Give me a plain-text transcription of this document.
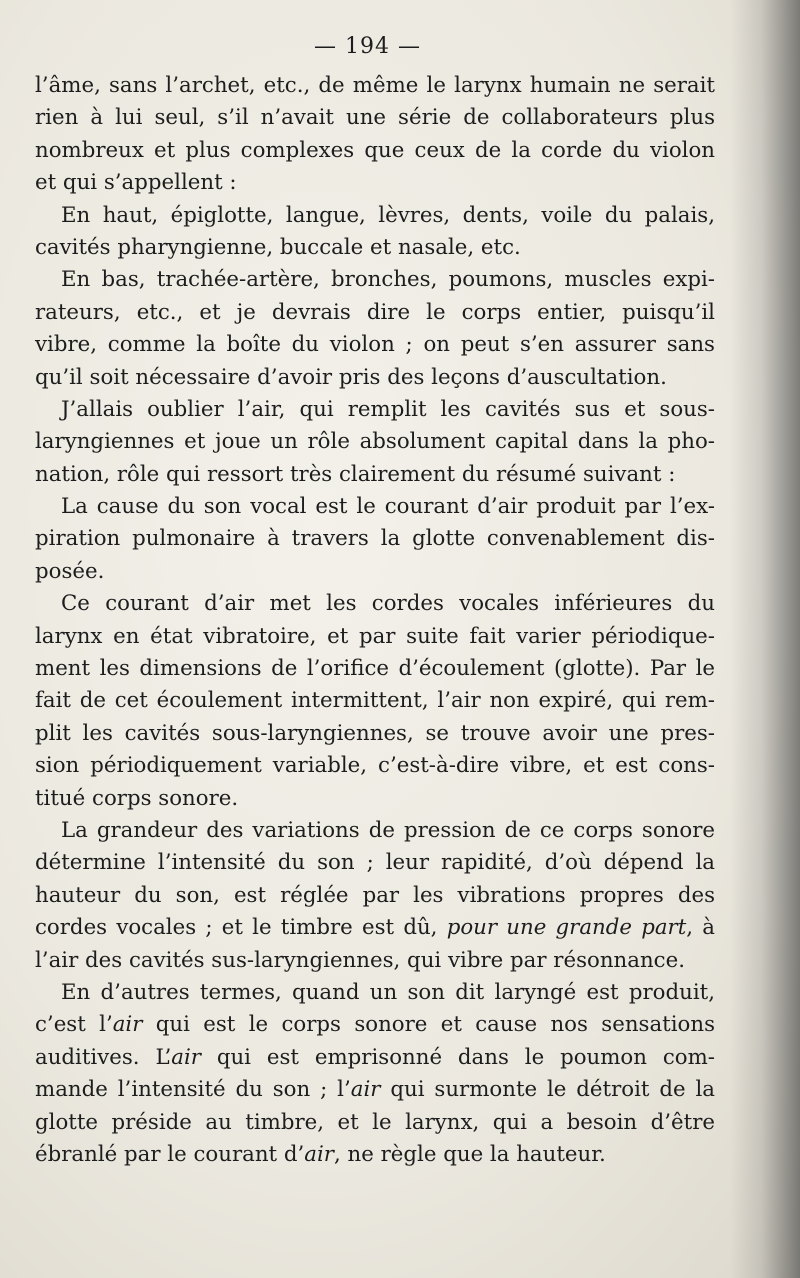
— 194 —
l’âme, sans l’archet, etc., de même le larynx humain ne serait
rien à lui seul, s’il n’avait une série de collaborateurs plus
nombreux et plus complexes que ceux de la corde du violon
et qui s’appellent :
En haut, épiglotte, langue, lèvres, dents, voile du palais,
cavités pharyngienne, buccale et nasale, etc.
En bas, trachée-artère, bronches, poumons, muscles expi-
rateurs, etc., et je devrais dire le corps entier, puisqu’il
vibre, comme la boîte du violon ; on peut s’en assurer sans
qu’il soit nécessaire d’avoir pris des leçons d’auscultation.
J’allais oublier l’air, qui remplit les cavités sus et sous-
laryngiennes et joue un rôle absolument capital dans la pho-
nation, rôle qui ressort très clairement du résumé suivant :
La cause du son vocal est le courant d’air produit par l’ex-
piration pulmonaire à travers la glotte convenablement dis-
posée.
Ce courant d’air met les cordes vocales inférieures du
larynx en état vibratoire, et par suite fait varier périodique-
ment les dimensions de l’orifice d’écoulement (glotte). Par le
fait de cet écoulement intermittent, l’air non expiré, qui rem-
plit les cavités sous-laryngiennes, se trouve avoir une pres-
sion périodiquement variable, c’est-à-dire vibre, et est cons-
titué corps sonore.
La grandeur des variations de pression de ce corps sonore
détermine l’intensité du son ; leur rapidité, d’où dépend la
hauteur du son, est réglée par les vibrations propres des
cordes vocales ; et le timbre est dû, pour une grande part, à
l’air des cavités sus-laryngiennes, qui vibre par résonnance.
En d’autres termes, quand un son dit laryngé est produit,
c’est l’air qui est le corps sonore et cause nos sensations
auditives. L’air qui est emprisonné dans le poumon com-
mande l’intensité du son ; l’air qui surmonte le détroit de la
glotte préside au timbre, et le larynx, qui a besoin d’être
ébranlé par le courant d’air, ne règle que la hauteur.
